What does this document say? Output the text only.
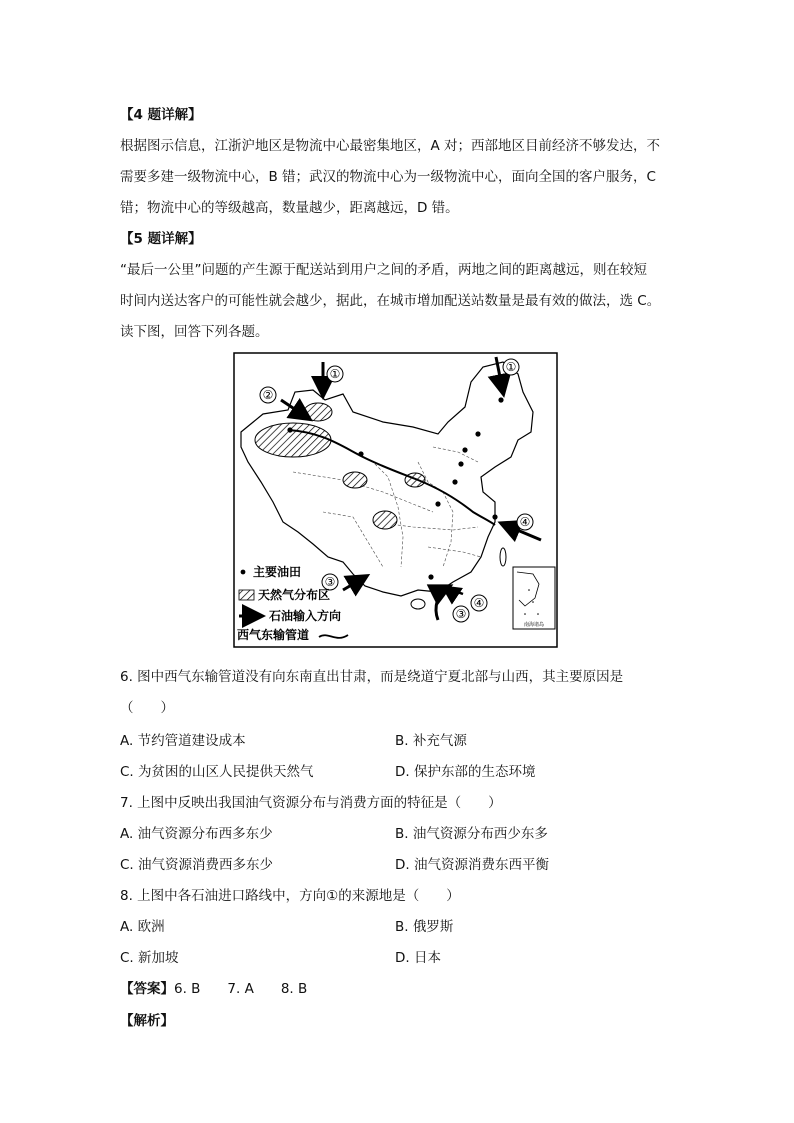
【4 题详解】
根据图示信息，江浙沪地区是物流中心最密集地区，A 对；西部地区目前经济不够发达，不
需要多建一级物流中心，B 错；武汉的物流中心为一级物流中心，面向全国的客户服务，C
错；物流中心的等级越高，数量越少，距离越远，D 错。
【5 题详解】
“最后一公里”问题的产生源于配送站到用户之间的矛盾，两地之间的距离越远，则在较短
时间内送达客户的可能性就会越少，据此，在城市增加配送站数量是最有效的做法，选 C。
读下图，回答下列各题。
①
②
①
④
③
③
④
南海诸岛
主要油田
天然气分布区
石油输入方向
西气东输管道
6. 图中西气东输管道没有向东南直出甘肃，而是绕道宁夏北部与山西，其主要原因是
（　　）
A. 节约管道建设成本	B. 补充气源
C. 为贫困的山区人民提供天然气	D. 保护东部的生态环境
7. 上图中反映出我国油气资源分布与消费方面的特征是（　　）
A. 油气资源分布西多东少	B. 油气资源分布西少东多
C. 油气资源消费西多东少	D. 油气资源消费东西平衡
8. 上图中各石油进口路线中，方向①的来源地是（　　）
A. 欧洲	B. 俄罗斯
C. 新加坡	D. 日本
【答案】6. B　　7. A　　8. B
【解析】
